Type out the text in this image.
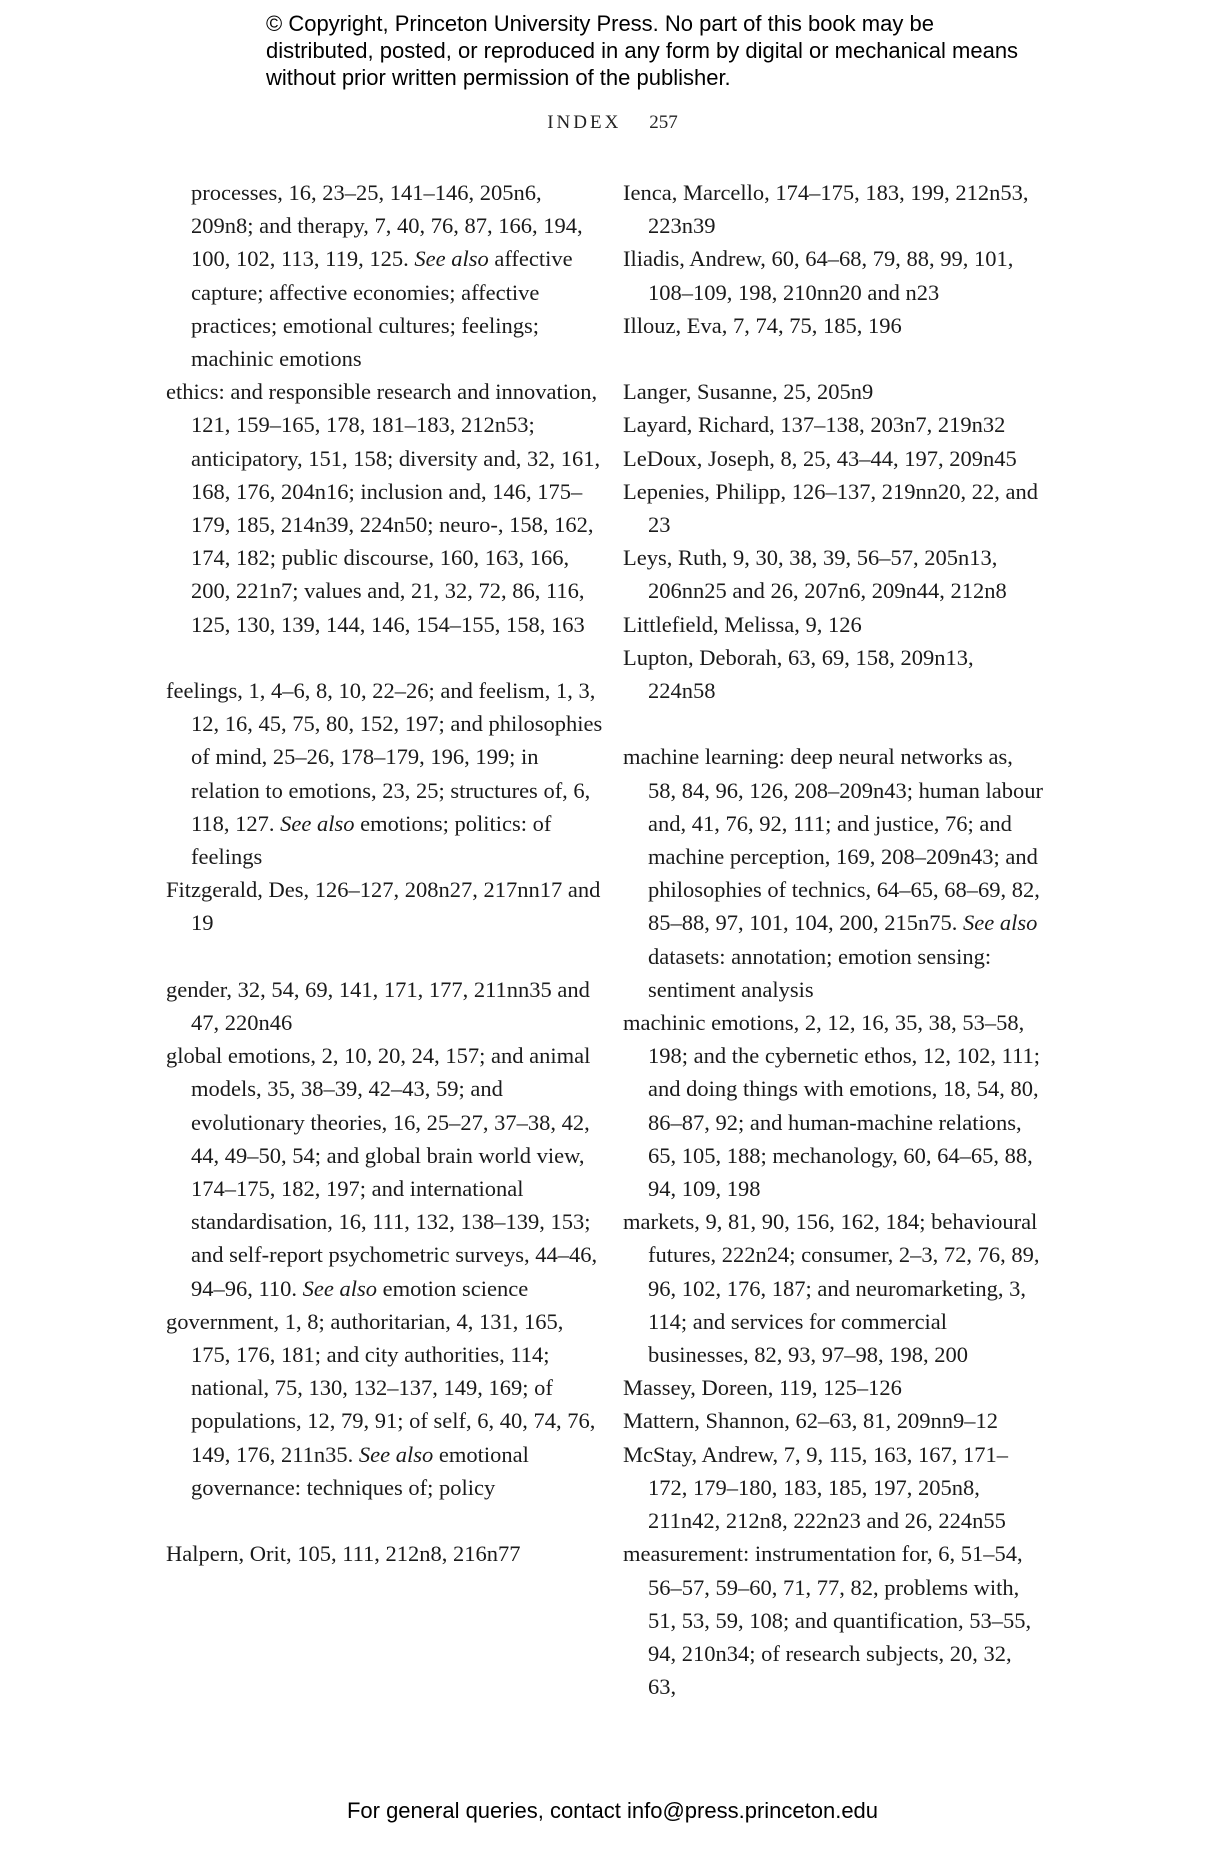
© Copyright, Princeton University Press. No part of this book may be distributed, posted, or reproduced in any form by digital or mechanical means without prior written permission of the publisher.
INDEX 257

processes, 16, 23–25, 141–146, 205n6, 209n8; and therapy, 7, 40, 76, 87, 166, 194, 100, 102, 113, 119, 125. See also affective capture; affective economies; affective practices; emotional cultures; feelings; machinic emotions

ethics: and responsible research and innovation, 121, 159–165, 178, 181–183, 212n53; anticipatory, 151, 158; diversity and, 32, 161, 168, 176, 204n16; inclusion and, 146, 175–179, 185, 214n39, 224n50; neuro-, 158, 162, 174, 182; public discourse, 160, 163, 166, 200, 221n7; values and, 21, 32, 72, 86, 116, 125, 130, 139, 144, 146, 154–155, 158, 163

feelings, 1, 4–6, 8, 10, 22–26; and feelism, 1, 3, 12, 16, 45, 75, 80, 152, 197; and philosophies of mind, 25–26, 178–179, 196, 199; in relation to emotions, 23, 25; structures of, 6, 118, 127. See also emotions; politics: of feelings

Fitzgerald, Des, 126–127, 208n27, 217nn17 and 19

gender, 32, 54, 69, 141, 171, 177, 211nn35 and 47, 220n46

global emotions, 2, 10, 20, 24, 157; and animal models, 35, 38–39, 42–43, 59; and evolutionary theories, 16, 25–27, 37–38, 42, 44, 49–50, 54; and global brain world view, 174–175, 182, 197; and international standardisation, 16, 111, 132, 138–139, 153; and self-report psychometric surveys, 44–46, 94–96, 110. See also emotion science

government, 1, 8; authoritarian, 4, 131, 165, 175, 176, 181; and city authorities, 114; national, 75, 130, 132–137, 149, 169; of populations, 12, 79, 91; of self, 6, 40, 74, 76, 149, 176, 211n35. See also emotional governance: techniques of; policy

Halpern, Orit, 105, 111, 212n8, 216n77

Ienca, Marcello, 174–175, 183, 199, 212n53, 223n39

Iliadis, Andrew, 60, 64–68, 79, 88, 99, 101, 108–109, 198, 210nn20 and n23

Illouz, Eva, 7, 74, 75, 185, 196

Langer, Susanne, 25, 205n9

Layard, Richard, 137–138, 203n7, 219n32

LeDoux, Joseph, 8, 25, 43–44, 197, 209n45

Lepenies, Philipp, 126–137, 219nn20, 22, and 23

Leys, Ruth, 9, 30, 38, 39, 56–57, 205n13, 206nn25 and 26, 207n6, 209n44, 212n8

Littlefield, Melissa, 9, 126

Lupton, Deborah, 63, 69, 158, 209n13, 224n58

machine learning: deep neural networks as, 58, 84, 96, 126, 208–209n43; human labour and, 41, 76, 92, 111; and justice, 76; and machine perception, 169, 208–209n43; and philosophies of technics, 64–65, 68–69, 82, 85–88, 97, 101, 104, 200, 215n75. See also datasets: annotation; emotion sensing: sentiment analysis

machinic emotions, 2, 12, 16, 35, 38, 53–58, 198; and the cybernetic ethos, 12, 102, 111; and doing things with emotions, 18, 54, 80, 86–87, 92; and human-machine relations, 65, 105, 188; mechanology, 60, 64–65, 88, 94, 109, 198

markets, 9, 81, 90, 156, 162, 184; behavioural futures, 222n24; consumer, 2–3, 72, 76, 89, 96, 102, 176, 187; and neuromarketing, 3, 114; and services for commercial businesses, 82, 93, 97–98, 198, 200

Massey, Doreen, 119, 125–126

Mattern, Shannon, 62–63, 81, 209nn9–12

McStay, Andrew, 7, 9, 115, 163, 167, 171–172, 179–180, 183, 185, 197, 205n8, 211n42, 212n8, 222n23 and 26, 224n55

measurement: instrumentation for, 6, 51–54, 56–57, 59–60, 71, 77, 82, problems with, 51, 53, 59, 108; and quantification, 53–55, 94, 210n34; of research subjects, 20, 32, 63,

For general queries, contact info@press.princeton.edu
